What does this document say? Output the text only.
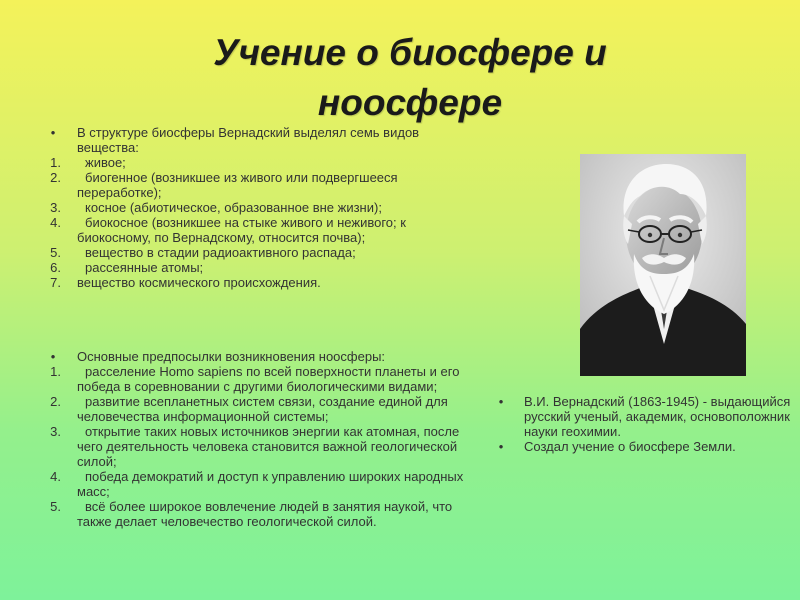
Учение о биосфере и ноосфере
•	В структуре биосферы Вернадский выделял семь видов вещества:
1.	живое;
2.	биогенное (возникшее из живого или подвергшееся переработке);
3.	косное (абиотическое, образованное вне жизни);
4.	биокосное (возникшее на стыке живого и неживого; к биокосному, по Вернадскому, относится почва);
5.	вещество в стадии радиоактивного распада;
6.	рассеянные атомы;
7. вещество космического происхождения.
•	Основные предпосылки возникновения ноосферы:
1.	расселение Homo sapiens по всей поверхности планеты и его победа в соревновании с другими биологическими видами;
2.	развитие всепланетных систем связи, создание единой для человечества информационной системы;
3.	открытие таких новых источников энергии как атомная, после чего деятельность человека становится важной геологической силой;
4.	победа демократий и доступ к управлению широких народных масс;
5.	всё более широкое вовлечение людей в занятия наукой, что также делает человечество геологической силой.
•	В.И. Вернадский (1863-1945) - выдающийся русский ученый, академик, основоположник науки геохимии.
•	Создал учение о биосфере Земли.
